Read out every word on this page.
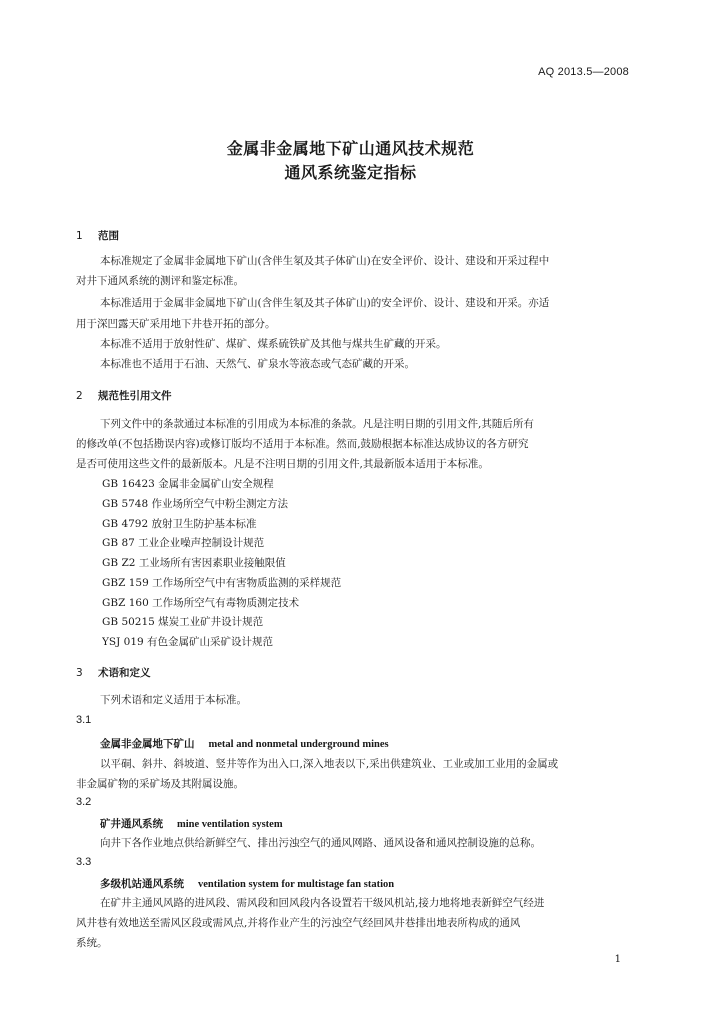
AQ 2013.5—2008
金属非金属地下矿山通风技术规范
通风系统鉴定指标
1 范围
本标准规定了金属非金属地下矿山(含伴生氡及其子体矿山)在安全评价、设计、建设和开采过程中
对井下通风系统的测评和鉴定标准。
本标准适用于金属非金属地下矿山(含伴生氡及其子体矿山)的安全评价、设计、建设和开采。亦适
用于深凹露天矿采用地下井巷开拓的部分。
本标准不适用于放射性矿、煤矿、煤系硫铁矿及其他与煤共生矿藏的开采。
本标准也不适用于石油、天然气、矿泉水等液态或气态矿藏的开采。
2 规范性引用文件
下列文件中的条款通过本标准的引用成为本标准的条款。凡是注明日期的引用文件,其随后所有
的修改单(不包括勘误内容)或修订版均不适用于本标准。然而,鼓励根据本标准达成协议的各方研究
是否可使用这些文件的最新版本。凡是不注明日期的引用文件,其最新版本适用于本标准。
GB 16423 金属非金属矿山安全规程
GB 5748 作业场所空气中粉尘测定方法
GB 4792 放射卫生防护基本标准
GB 87 工业企业噪声控制设计规范
GB Z2 工业场所有害因素职业接触限值
GBZ 159 工作场所空气中有害物质监测的采样规范
GBZ 160 工作场所空气有毒物质测定技术
GB 50215 煤炭工业矿井设计规范
YSJ 019 有色金属矿山采矿设计规范
3 术语和定义
下列术语和定义适用于本标准。
3.1
金属非金属地下矿山 metal and nonmetal underground mines
以平硐、斜井、斜坡道、竖井等作为出入口,深入地表以下,采出供建筑业、工业或加工业用的金属或
非金属矿物的采矿场及其附属设施。
3.2
矿井通风系统 mine ventilation system
向井下各作业地点供给新鲜空气、排出污浊空气的通风网路、通风设备和通风控制设施的总称。
3.3
多级机站通风系统 ventilation system for multistage fan station
在矿井主通风风路的进风段、需风段和回风段内各设置若干级风机站,接力地将地表新鲜空气经进
风井巷有效地送至需风区段或需风点,并将作业产生的污浊空气经回风井巷排出地表所构成的通风
系统。
1
